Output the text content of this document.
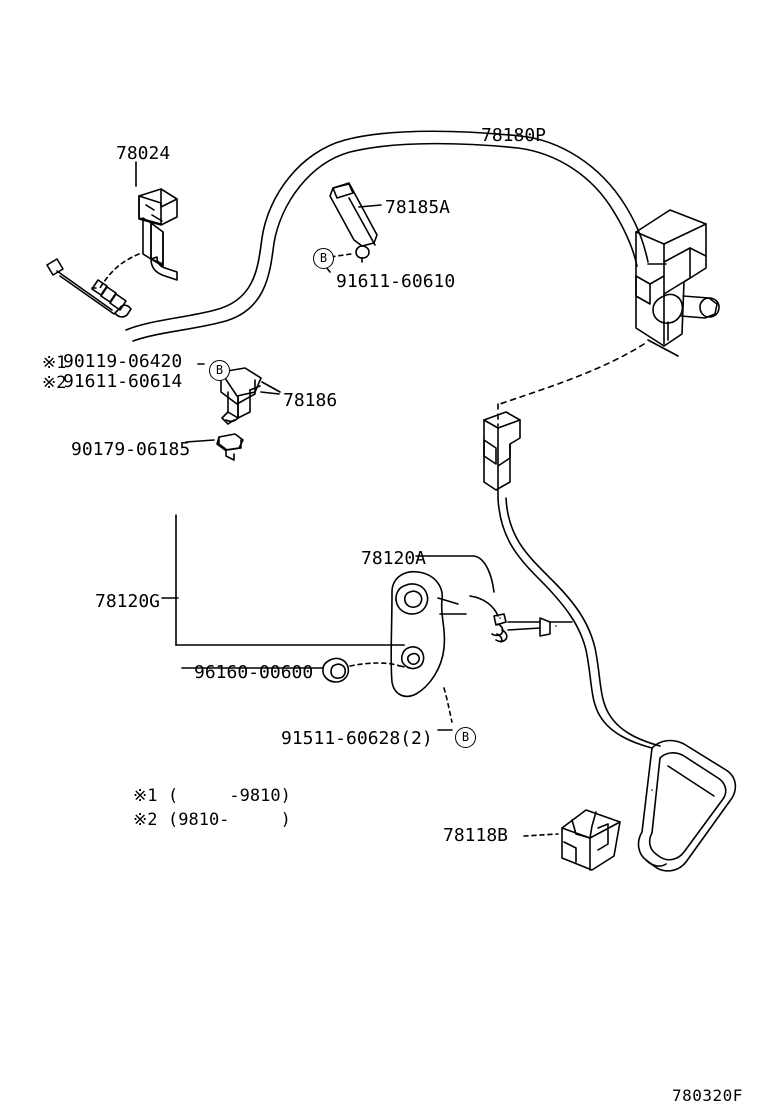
78024
78180P
78185A
91611-60610
※1
90119-06420
※2
91611-60614
78186
90179-06185
78120A
78120G
96160-00600
91511-60628(2)
78118B
B
B
B
※1 (     -9810)
※2 (9810-     )
780320F
